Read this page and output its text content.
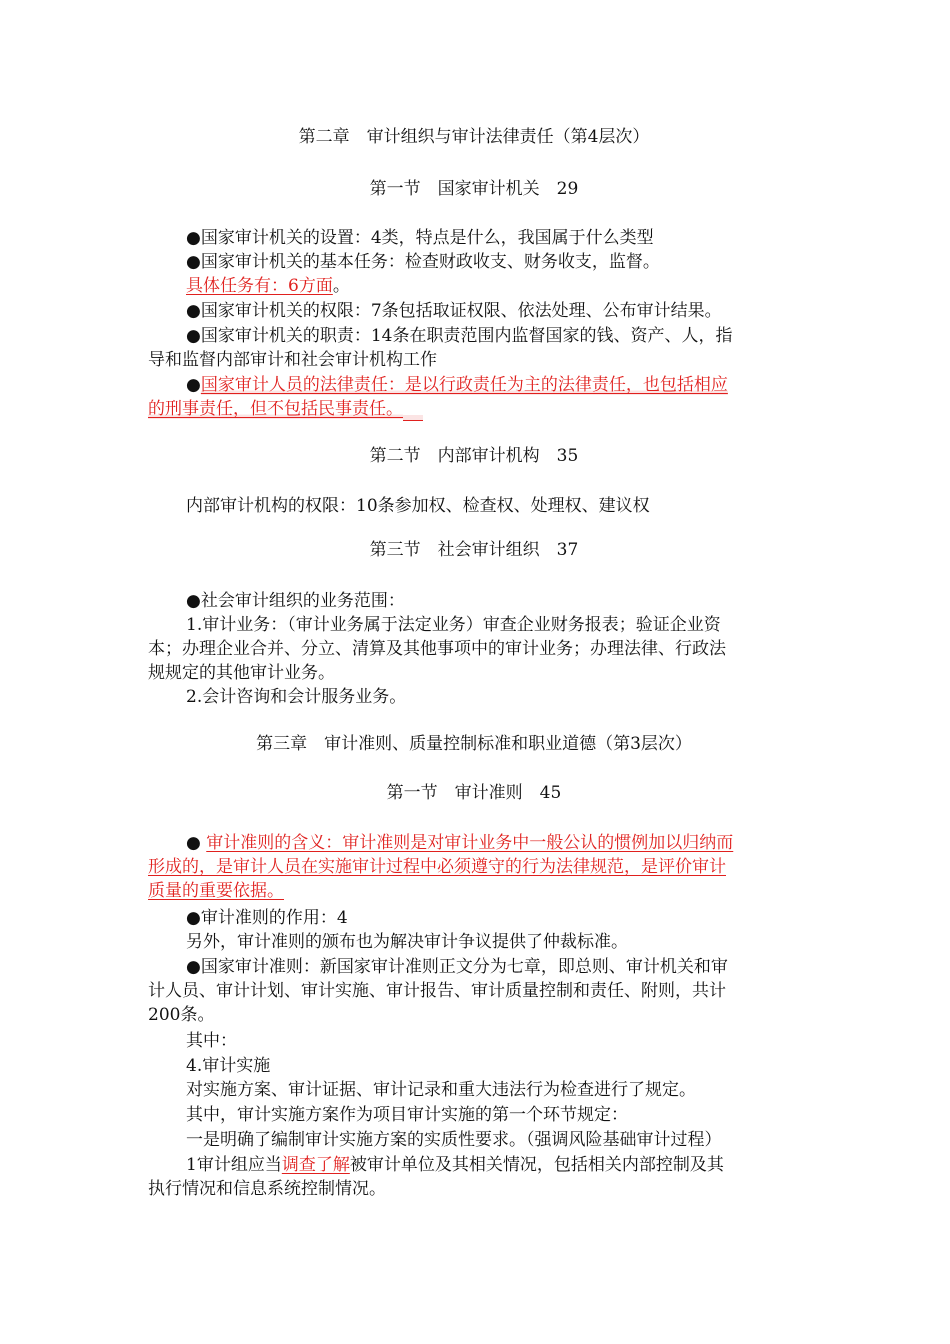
第二章　审计组织与审计法律责任（第4层次）
第一节　国家审计机关　29
●国家审计机关的设置：4类，特点是什么，我国属于什么类型
●国家审计机关的基本任务：检查财政收支、财务收支，监督。
具体任务有：6方面。
●国家审计机关的权限：7条包括取证权限、依法处理、公布审计结果。
●国家审计机关的职责：14条在职责范围内监督国家的钱、资产、人，指
导和监督内部审计和社会审计机构工作
●国家审计人员的法律责任：是以行政责任为主的法律责任，也包括相应
的刑事责任，但不包括民事责任。
第二节　内部审计机构　35
内部审计机构的权限：10条参加权、检查权、处理权、建议权
第三节　社会审计组织　37
●社会审计组织的业务范围：
1.审计业务：（审计业务属于法定业务）审查企业财务报表；验证企业资
本；办理企业合并、分立、清算及其他事项中的审计业务；办理法律、行政法
规规定的其他审计业务。
2.会计咨询和会计服务业务。
第三章　审计准则、质量控制标准和职业道德（第3层次）
第一节　审计准则　45
● 审计准则的含义：审计准则是对审计业务中一般公认的惯例加以归纳而
形成的，是审计人员在实施审计过程中必须遵守的行为法律规范，是评价审计
质量的重要依据。
●审计准则的作用：4
另外，审计准则的颁布也为解决审计争议提供了仲裁标准。
●国家审计准则：新国家审计准则正文分为七章，即总则、审计机关和审
计人员、审计计划、审计实施、审计报告、审计质量控制和责任、附则，共计
200条。
其中：
4.审计实施
对实施方案、审计证据、审计记录和重大违法行为检查进行了规定。
其中，审计实施方案作为项目审计实施的第一个环节规定：
一是明确了编制审计实施方案的实质性要求。（强调风险基础审计过程）
1审计组应当调查了解被审计单位及其相关情况，包括相关内部控制及其
执行情况和信息系统控制情况。
